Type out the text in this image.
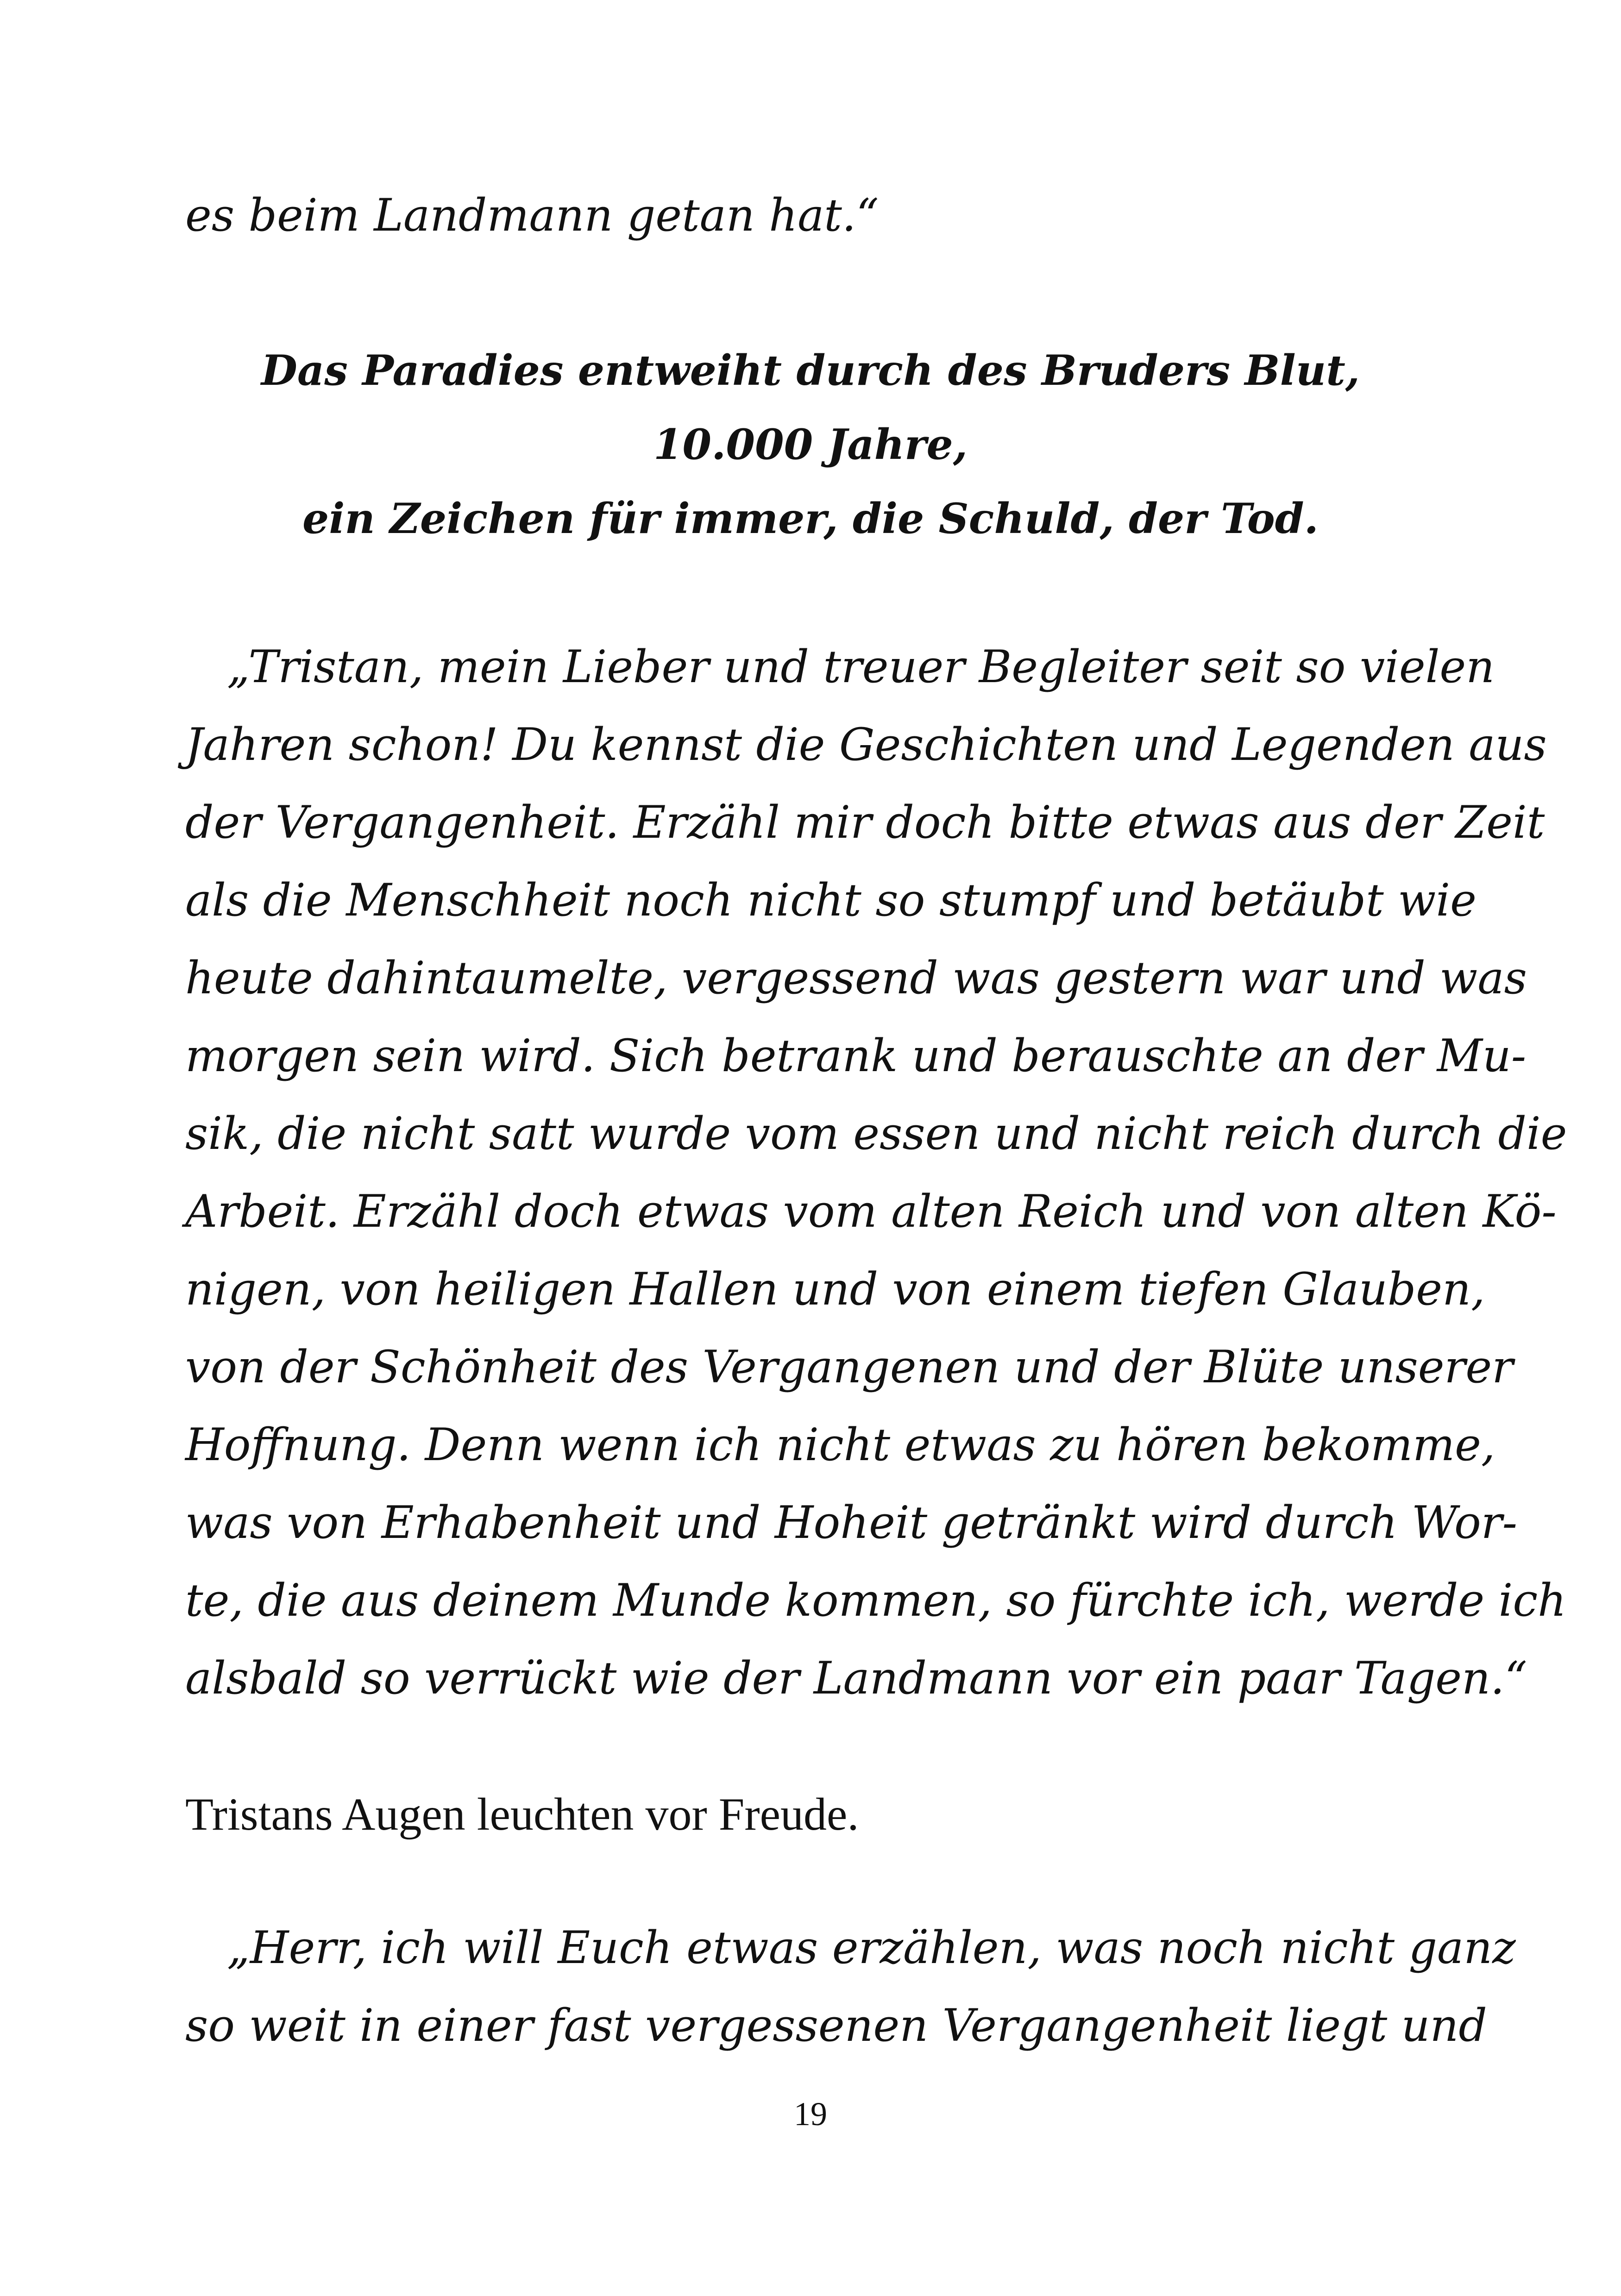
es beim Landmann getan hat.“
Das Paradies entweiht durch des Bruders Blut,
10.000 Jahre,
ein Zeichen für immer, die Schuld, der Tod.
„Tristan, mein Lieber und treuer Begleiter seit so vielen
Jahren schon! Du kennst die Geschichten und Legenden aus
der Vergangenheit. Erzähl mir doch bitte etwas aus der Zeit
als die Menschheit noch nicht so stumpf und betäubt wie
heute dahintaumelte, vergessend was gestern war und was
morgen sein wird. Sich betrank und berauschte an der Mu-
sik, die nicht satt wurde vom essen und nicht reich durch die
Arbeit. Erzähl doch etwas vom alten Reich und von alten Kö-
nigen, von heiligen Hallen und von einem tiefen Glauben,
von der Schönheit des Vergangenen und der Blüte unserer
Hoffnung. Denn wenn ich nicht etwas zu hören bekomme,
was von Erhabenheit und Hoheit getränkt wird durch Wor-
te, die aus deinem Munde kommen, so fürchte ich, werde ich
alsbald so verrückt wie der Landmann vor ein paar Tagen.“
Tristans Augen leuchten vor Freude.
„Herr, ich will Euch etwas erzählen, was noch nicht ganz
so weit in einer fast vergessenen Vergangenheit liegt und
19
